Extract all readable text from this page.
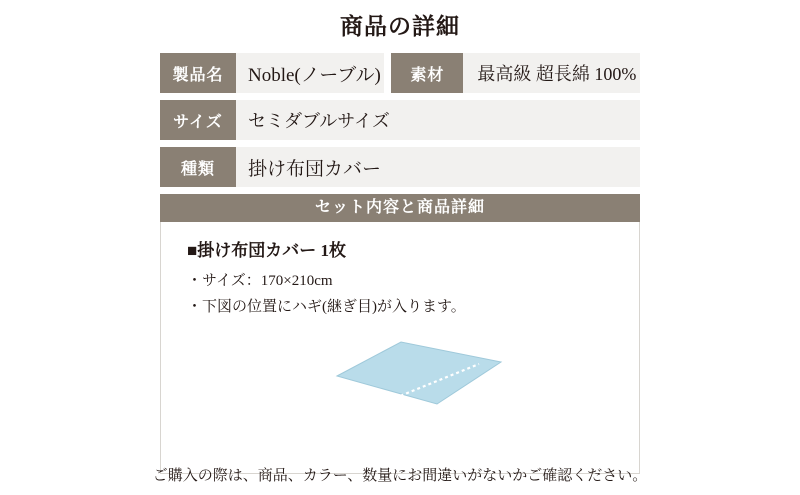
商品の詳細
製品名	Noble(ノーブル)	素材	最高級 超長綿 100%
サイズ	セミダブルサイズ
種類	掛け布団カバー
セット内容と商品詳細

■掛け布団カバー 1枚

・サイズ：170×210cm

・下図の位置にハギ(継ぎ目)が入ります。

ご購入の際は、商品、カラー、数量にお間違いがないかご確認ください。
